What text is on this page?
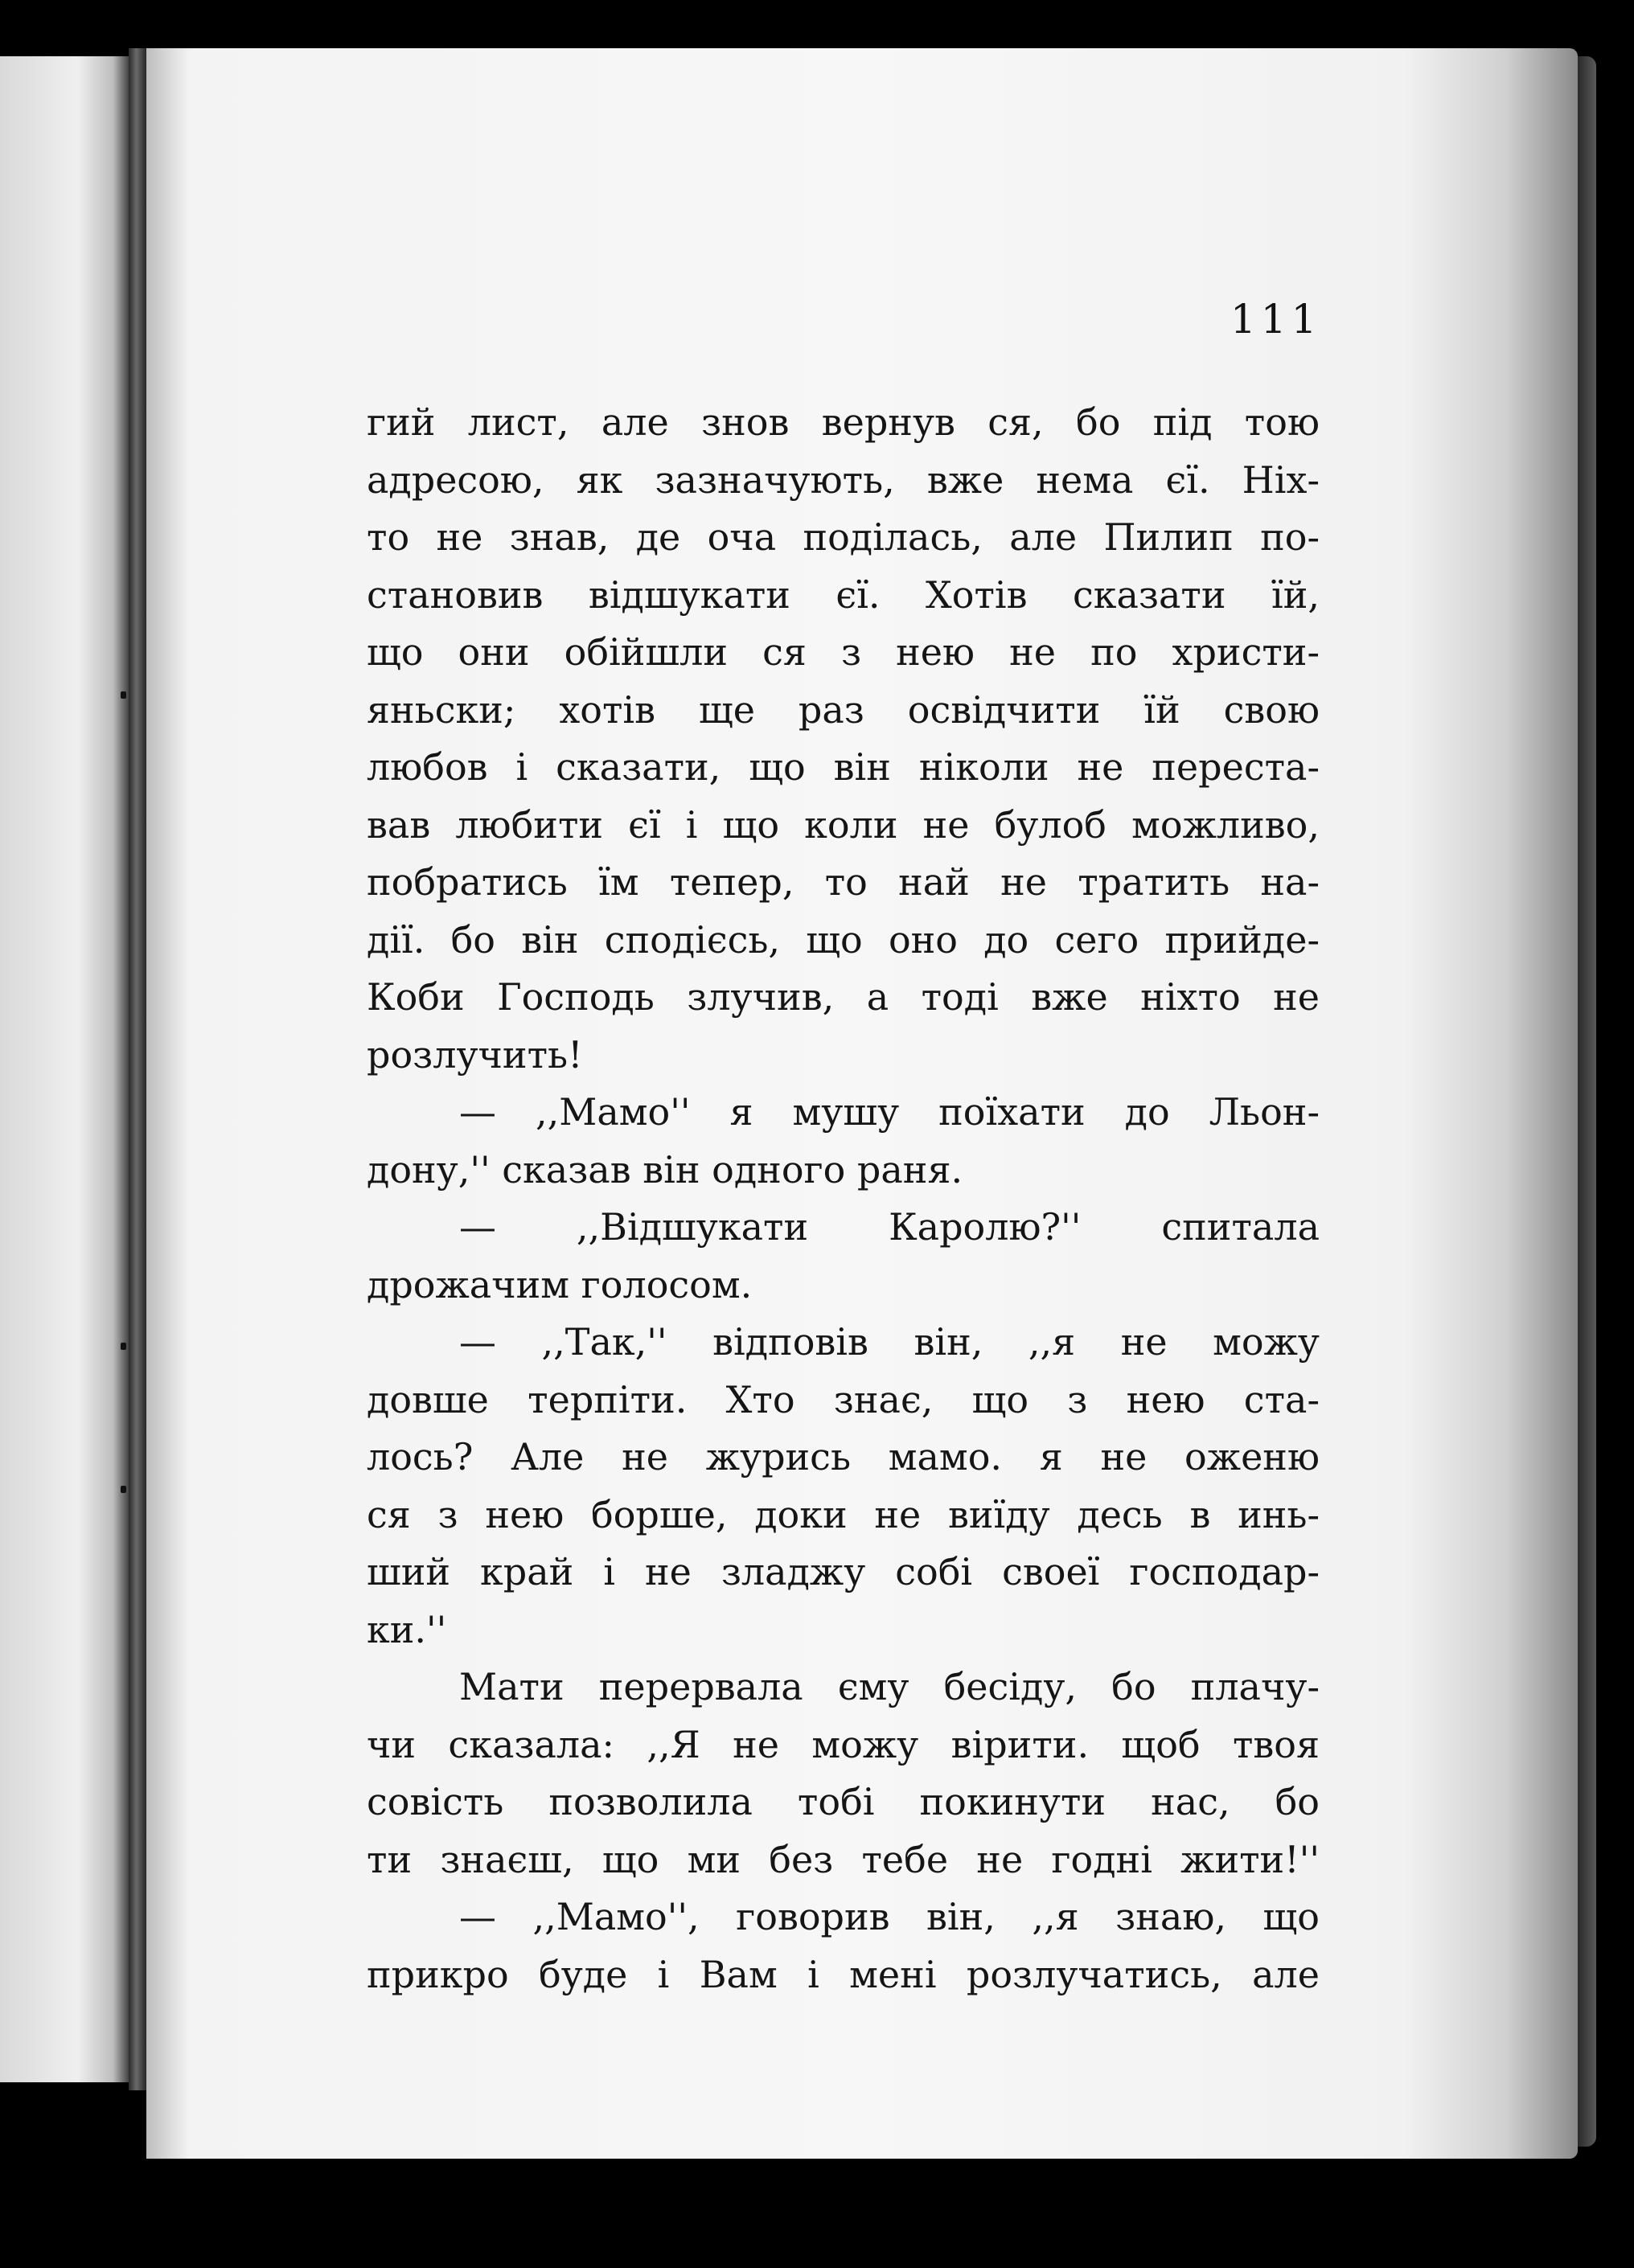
111
гий лист, але знов вернув ся, бо під тою
адресою, як зазначують, вже нема єї. Ніх-
то не знав, де оча поділась, але Пилип по-
становив відшукати єї. Хотів сказати їй,
що они обійшли ся з нею не по христи-
яньски; хотів ще раз освідчити їй свою
любов і сказати, що він ніколи не переста-
вав любити єї і що коли не булоб можливо,
побратись їм тепер, то най не тратить на-
дії. бо він сподієсь, що оно до сего прийде-
Коби Господь злучив, а тоді вже ніхто не
розлучить!
— ,,Мамо'' я мушу поїхати до Льон-
дону,'' сказав він одного раня.
— ,,Відшукати Каролю?'' спитала
дрожачим голосом.
— ,,Так,'' відповів він, ,,я не можу
довше терпіти. Хто знає, що з нею ста-
лось? Але не журись мамо. я не оженю
ся з нею борше, доки не виїду десь в инь-
ший край і не зладжу собі своеї господар-
ки.''
Мати перервала єму бесіду, бо плачу-
чи сказала: ,,Я не можу вірити. щоб твоя
совість позволила тобі покинути нас, бо
ти знаєш, що ми без тебе не годні жити!''
— ,,Мамо'', говорив він, ,,я знаю, що
прикро буде і Вам і мені розлучатись, але
